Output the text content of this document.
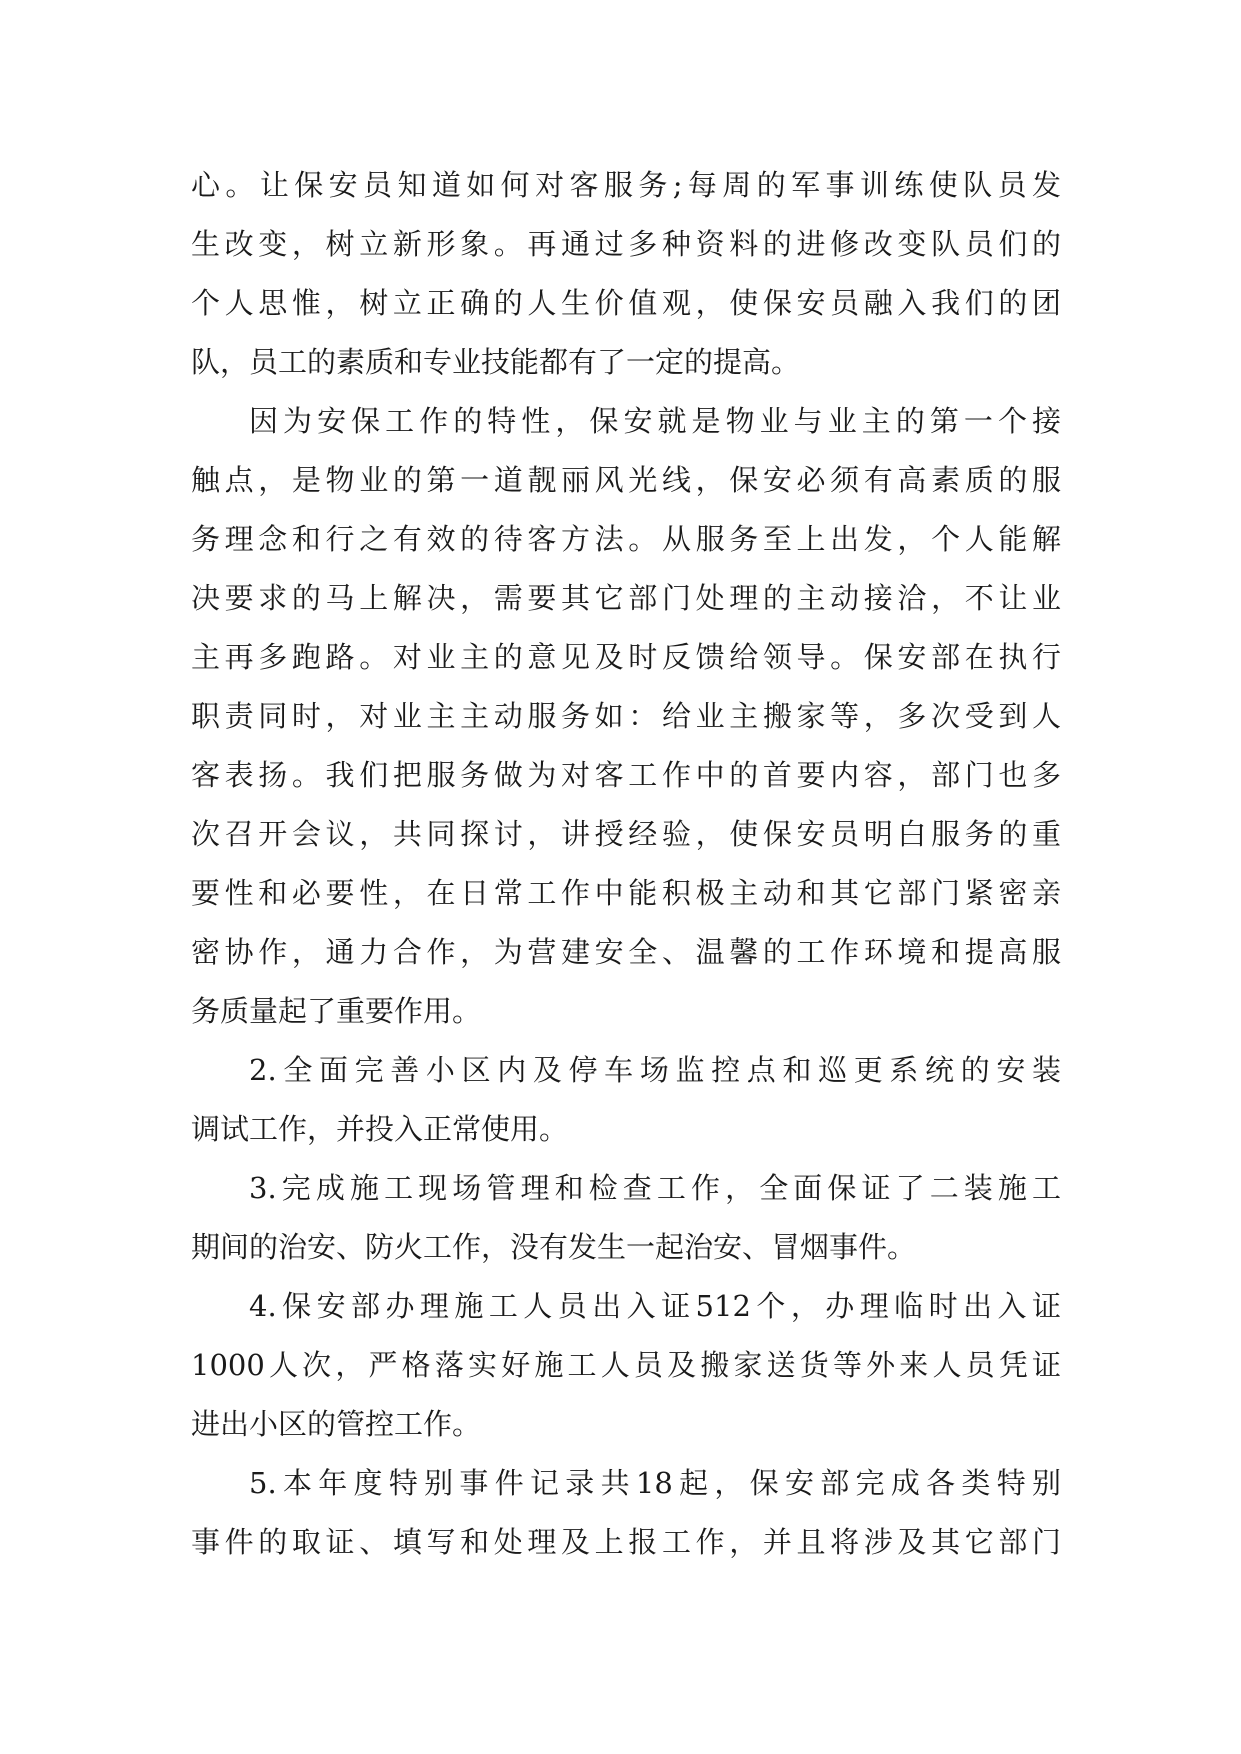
心。让保安员知道如何对客服务;每周的军事训练使队员发
生改变，树立新形象。再通过多种资料的进修改变队员们的
个人思惟，树立正确的人生价值观，使保安员融入我们的团
队，员工的素质和专业技能都有了一定的提高。
因为安保工作的特性，保安就是物业与业主的第一个接
触点，是物业的第一道靓丽风光线，保安必须有高素质的服
务理念和行之有效的待客方法。从服务至上出发，个人能解
决要求的马上解决，需要其它部门处理的主动接洽，不让业
主再多跑路。对业主的意见及时反馈给领导。保安部在执行
职责同时，对业主主动服务如：给业主搬家等，多次受到人
客表扬。我们把服务做为对客工作中的首要内容，部门也多
次召开会议，共同探讨，讲授经验，使保安员明白服务的重
要性和必要性，在日常工作中能积极主动和其它部门紧密亲
密协作，通力合作，为营建安全、温馨的工作环境和提高服
务质量起了重要作用。
2.全面完善小区内及停车场监控点和巡更系统的安装
调试工作，并投入正常使用。
3.完成施工现场管理和检查工作，全面保证了二装施工
期间的治安、防火工作，没有发生一起治安、冒烟事件。
4.保安部办理施工人员出入证512个，办理临时出入证
1000人次，严格落实好施工人员及搬家送货等外来人员凭证
进出小区的管控工作。
5.本年度特别事件记录共18起，保安部完成各类特别
事件的取证、填写和处理及上报工作，并且将涉及其它部门
